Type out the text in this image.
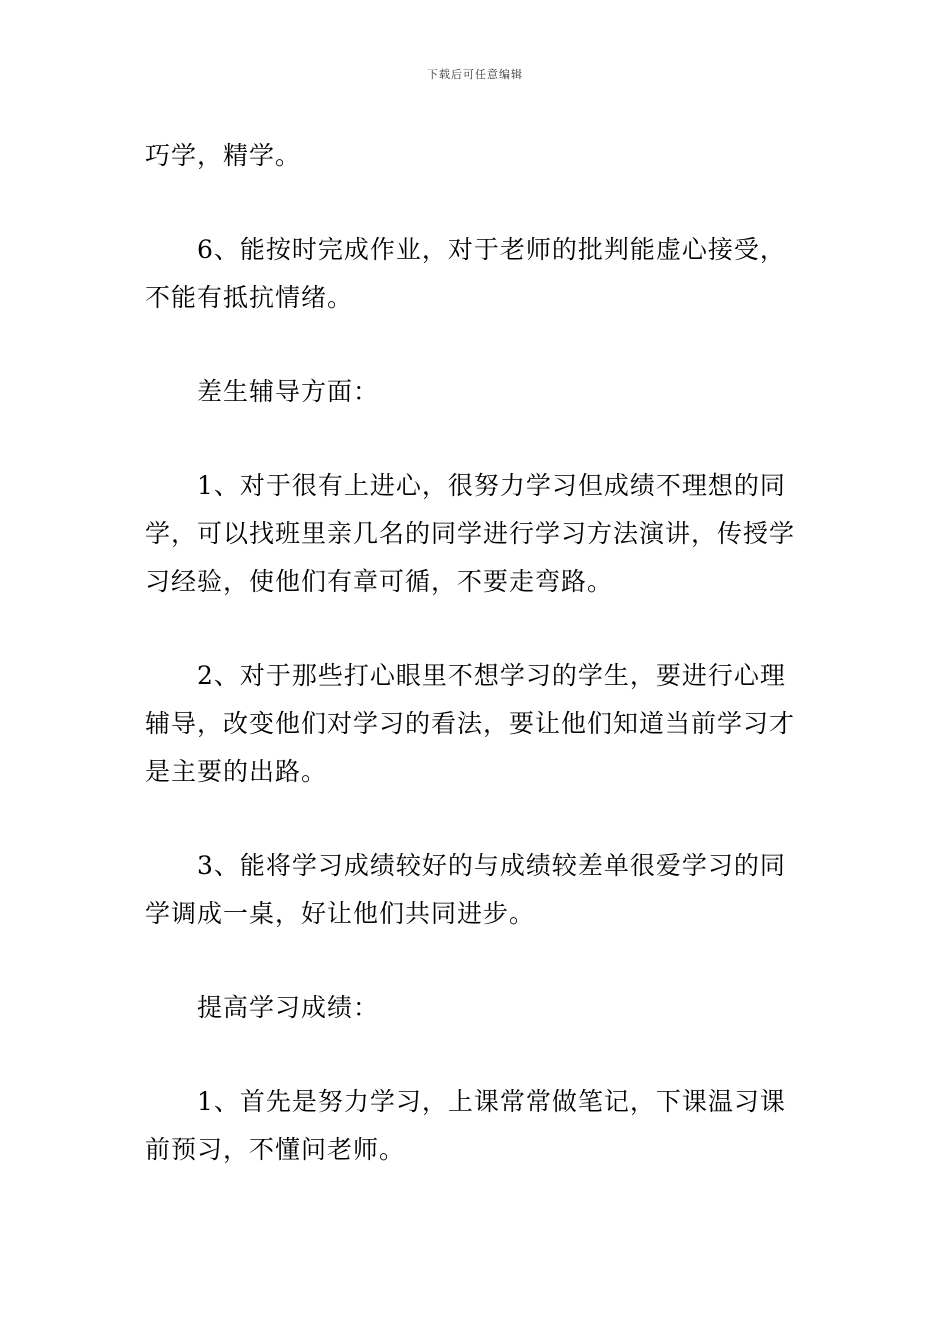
下载后可任意编辑

巧学，精学。

6、能按时完成作业，对于老师的批判能虚心接受，不能有抵抗情绪。

差生辅导方面：

1、对于很有上进心，很努力学习但成绩不理想的同学，可以找班里亲几名的同学进行学习方法演讲，传授学习经验，使他们有章可循，不要走弯路。

2、对于那些打心眼里不想学习的学生，要进行心理辅导，改变他们对学习的看法，要让他们知道当前学习才是主要的出路。

3、能将学习成绩较好的与成绩较差单很爱学习的同学调成一桌，好让他们共同进步。

提高学习成绩：

1、首先是努力学习，上课常常做笔记，下课温习课前预习，不懂问老师。
